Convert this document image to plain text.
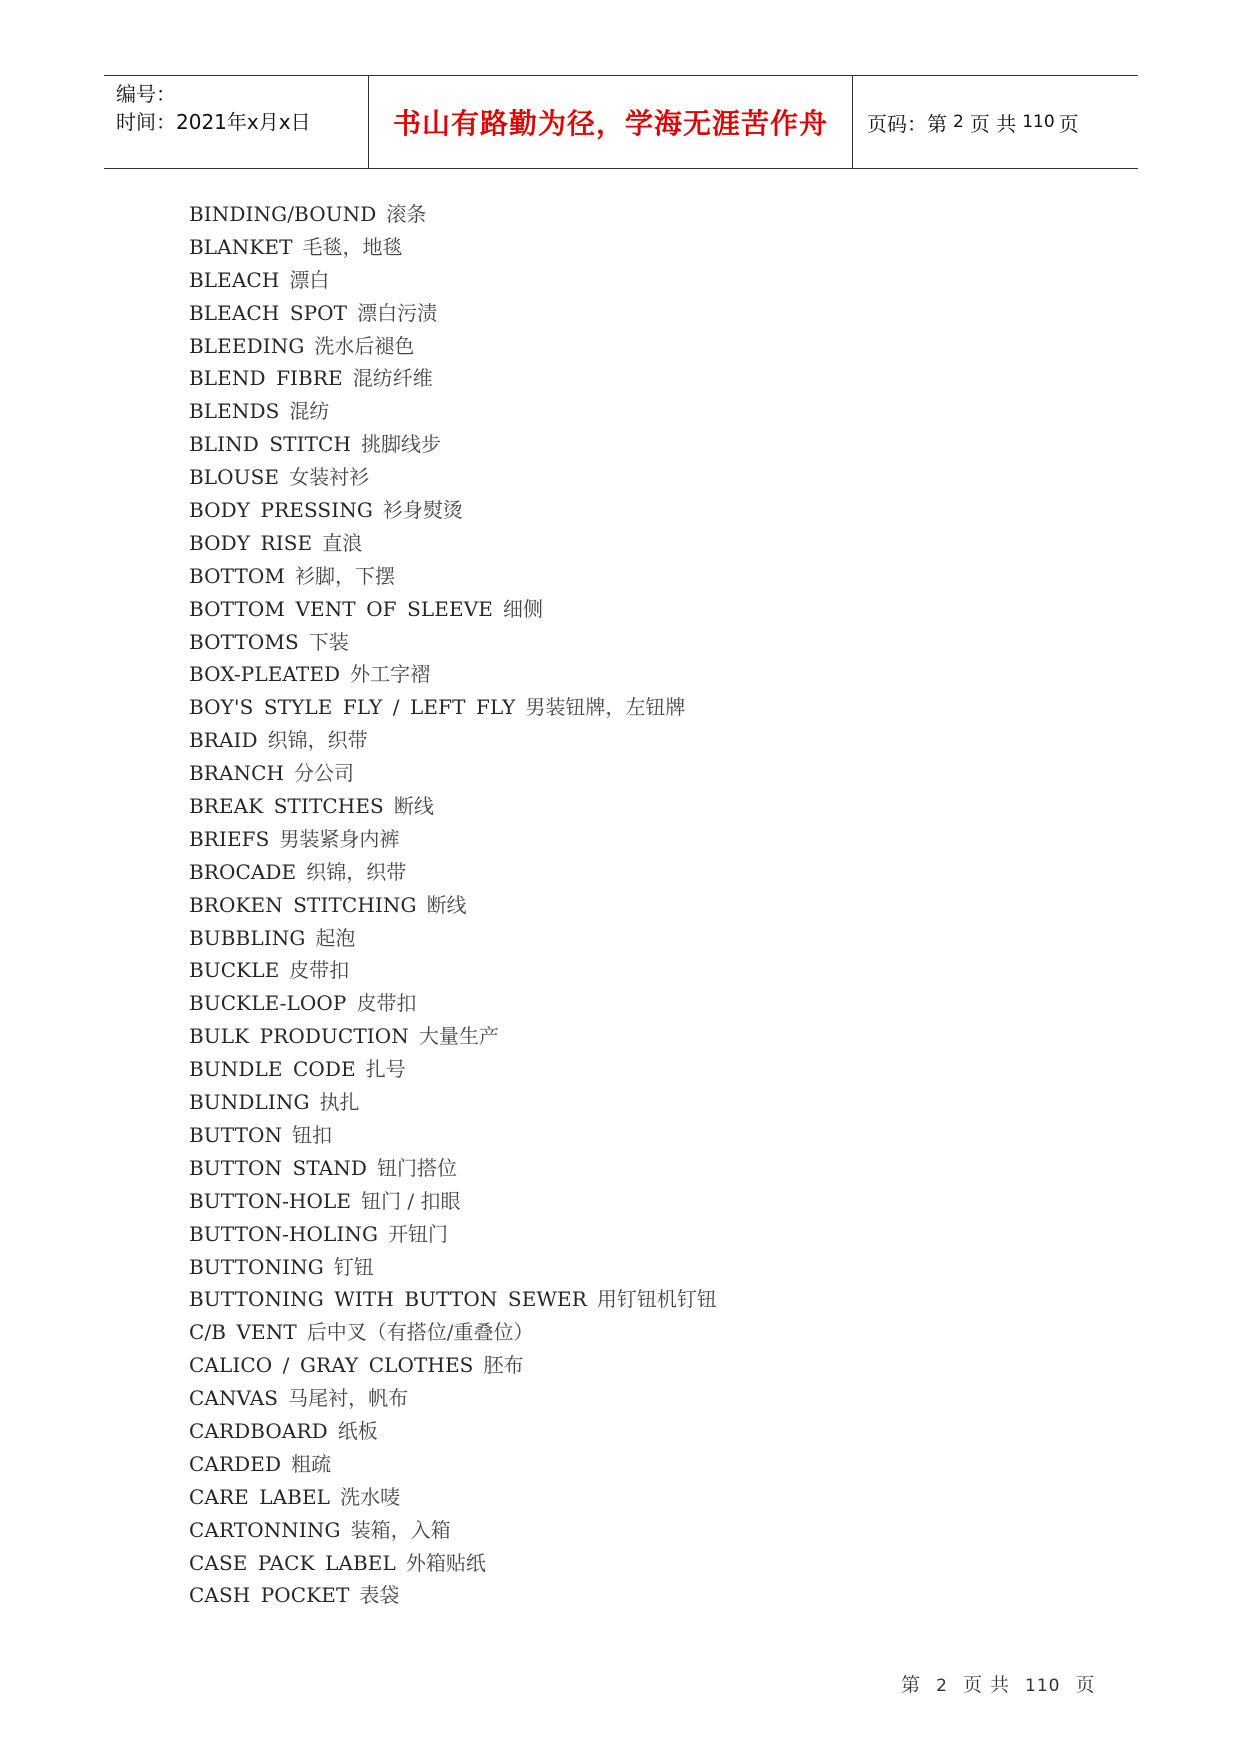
编号：
时间：2021年x月x日	书山有路勤为径，学海无涯苦作舟 页码：第 2 页 共 110 页
BINDING/BOUND 滚条
BLANKET 毛毯，地毯
BLEACH 漂白
BLEACH SPOT 漂白污渍
BLEEDING 洗水后褪色
BLEND FIBRE 混纺纤维
BLENDS 混纺
BLIND STITCH 挑脚线步
BLOUSE 女装衬衫
BODY PRESSING 衫身熨烫
BODY RISE 直浪
BOTTOM 衫脚，下摆
BOTTOM VENT OF SLEEVE 细侧
BOTTOMS 下装
BOX-PLEATED 外工字褶
BOY'S STYLE FLY / LEFT FLY 男装钮牌，左钮牌
BRAID 织锦，织带
BRANCH 分公司
BREAK STITCHES 断线
BRIEFS 男装紧身内裤
BROCADE 织锦，织带
BROKEN STITCHING 断线
BUBBLING 起泡
BUCKLE 皮带扣
BUCKLE-LOOP 皮带扣
BULK PRODUCTION 大量生产
BUNDLE CODE 扎号
BUNDLING 执扎
BUTTON 钮扣
BUTTON STAND 钮门搭位
BUTTON-HOLE 钮门 / 扣眼
BUTTON-HOLING 开钮门
BUTTONING 钉钮
BUTTONING WITH BUTTON SEWER 用钉钮机钉钮
C/B VENT 后中叉（有搭位/重叠位）
CALICO / GRAY CLOTHES 胚布
CANVAS 马尾衬，帆布
CARDBOARD 纸板
CARDED 粗疏
CARE LABEL 洗水唛
CARTONNING 装箱，入箱
CASE PACK LABEL 外箱贴纸
CASH POCKET 表袋
第 2 页 共 110 页
